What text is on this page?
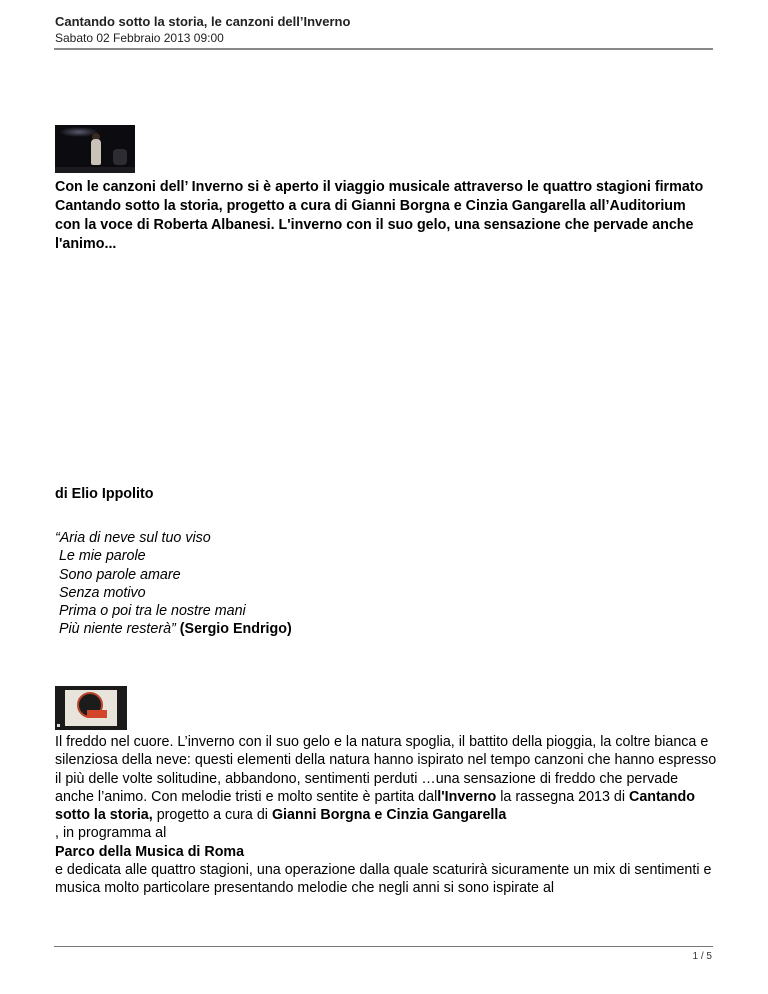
Cantando sotto la storia, le canzoni dell’Inverno
Sabato 02 Febbraio 2013 09:00

Con le canzoni dell’ Inverno si è aperto il viaggio musicale attraverso le quattro stagioni firmato Cantando sotto la storia, progetto a cura di Gianni Borgna e Cinzia Gangarella all’Auditorium con la voce di Roberta Albanesi. L'inverno con il suo gelo, una sensazione che pervade anche l'animo...

di Elio Ippolito

“Aria di neve sul tuo viso
Le mie parole
Sono parole amare
Senza motivo
Prima o poi tra le nostre mani
Più niente resterà” (Sergio Endrigo)

Il freddo nel cuore. L’inverno con il suo gelo e la natura spoglia, il battito della pioggia, la coltre bianca e silenziosa della neve: questi elementi della natura hanno ispirato nel tempo canzoni che hanno espresso il più delle volte solitudine, abbandono, sentimenti perduti …una sensazione di freddo che pervade anche l’animo. Con melodie tristi e molto sentite è partita dall'Inverno la rassegna 2013 di Cantando sotto la storia, progetto a cura di Gianni Borgna e Cinzia Gangarella
, in programma al
Parco della Musica di Roma
e dedicata alle quattro stagioni, una operazione dalla quale scaturirà sicuramente un mix di sentimenti e musica molto particolare presentando melodie che negli anni si sono ispirate al

1 / 5
